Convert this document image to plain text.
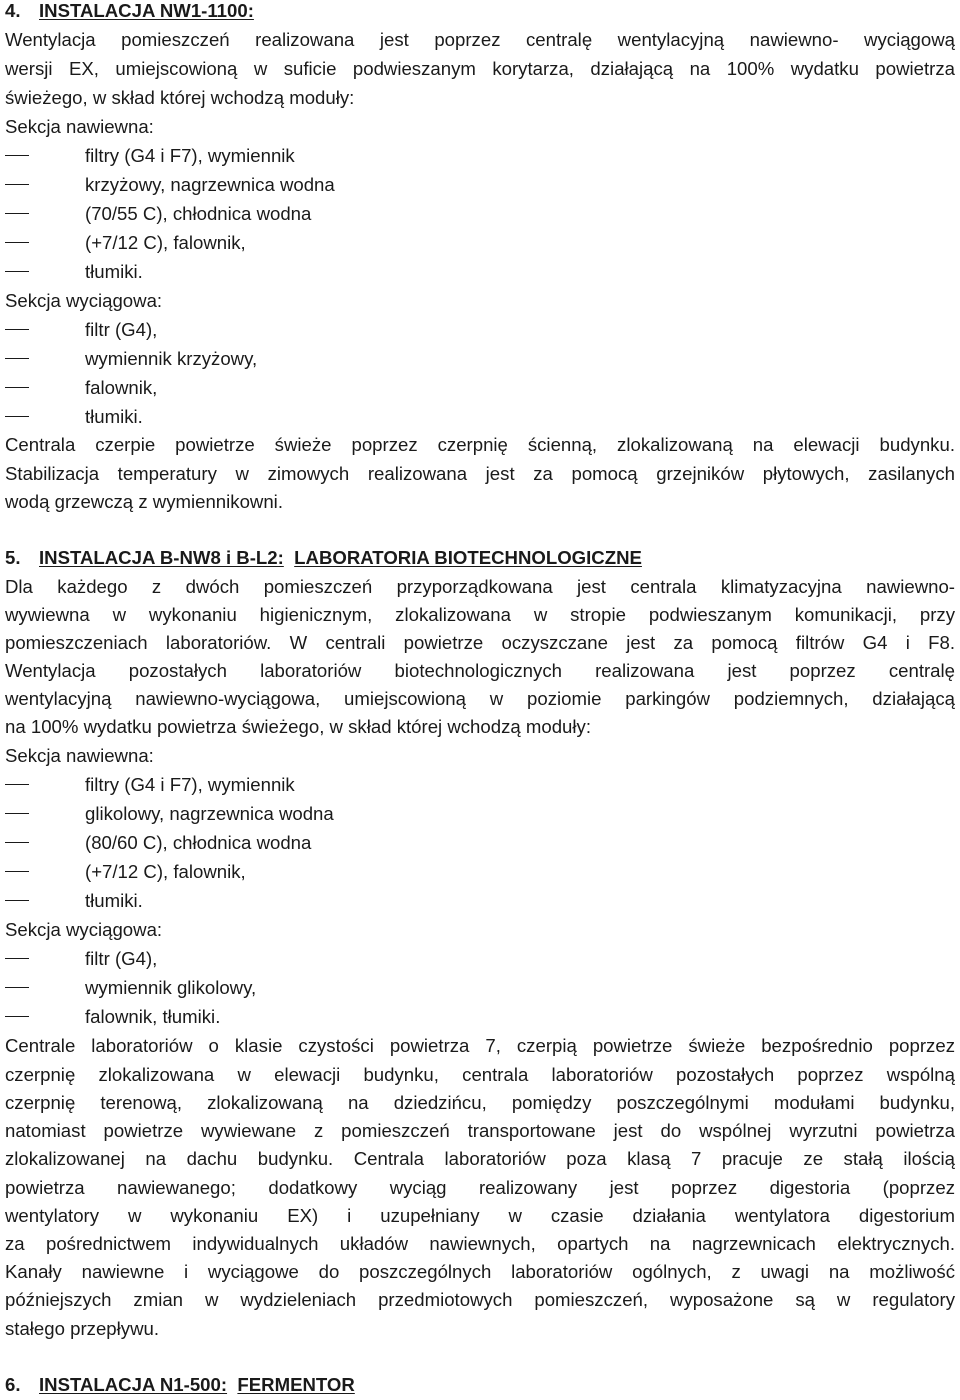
4. INSTALACJA NW1-1100:
Wentylacja pomieszczeń realizowana jest poprzez centralę wentylacyjną nawiewno- wyciągową
wersji EX, umiejscowioną w suficie podwieszanym korytarza, działającą na 100% wydatku powietrza
świeżego, w skład której wchodzą moduły:
Sekcja nawiewna:
filtry (G4 i F7), wymiennik
krzyżowy, nagrzewnica wodna
(70/55 C), chłodnica wodna
(+7/12 C), falownik,
tłumiki.
Sekcja wyciągowa:
filtr (G4),
wymiennik krzyżowy,
falownik,
tłumiki.
Centrala czerpie powietrze świeże poprzez czerpnię ścienną, zlokalizowaną na elewacji budynku.
Stabilizacja temperatury w zimowych realizowana jest za pomocą grzejników płytowych, zasilanych
wodą grzewczą z wymiennikowni.
5. INSTALACJA B-NW8 i B-L2: LABORATORIA BIOTECHNOLOGICZNE
Dla każdego z dwóch pomieszczeń przyporządkowana jest centrala klimatyzacyjna nawiewno-
wywiewna w wykonaniu higienicznym, zlokalizowana w stropie podwieszanym komunikacji, przy
pomieszczeniach laboratoriów. W centrali powietrze oczyszczane jest za pomocą filtrów G4 i F8.
Wentylacja pozostałych laboratoriów biotechnologicznych realizowana jest poprzez centralę
wentylacyjną nawiewno-wyciągowa, umiejscowioną w poziomie parkingów podziemnych, działającą
na 100% wydatku powietrza świeżego, w skład której wchodzą moduły:
Sekcja nawiewna:
filtry (G4 i F7), wymiennik
glikolowy, nagrzewnica wodna
(80/60 C), chłodnica wodna
(+7/12 C), falownik,
tłumiki.
Sekcja wyciągowa:
filtr (G4),
wymiennik glikolowy,
falownik, tłumiki.
Centrale laboratoriów o klasie czystości powietrza 7, czerpią powietrze świeże bezpośrednio poprzez
czerpnię zlokalizowana w elewacji budynku, centrala laboratoriów pozostałych poprzez wspólną
czerpnię terenową, zlokalizowaną na dziedzińcu, pomiędzy poszczególnymi modułami budynku,
natomiast powietrze wywiewane z pomieszczeń transportowane jest do wspólnej wyrzutni powietrza
zlokalizowanej na dachu budynku. Centrala laboratoriów poza klasą 7 pracuje ze stałą ilością
powietrza nawiewanego; dodatkowy wyciąg realizowany jest poprzez digestoria (poprzez
wentylatory w wykonaniu EX) i uzupełniany w czasie działania wentylatora digestorium
za pośrednictwem indywidualnych układów nawiewnych, opartych na nagrzewnicach elektrycznych.
Kanały nawiewne i wyciągowe do poszczególnych laboratoriów ogólnych, z uwagi na możliwość
późniejszych zmian w wydzieleniach przedmiotowych pomieszczeń, wyposażone są w regulatory
stałego przepływu.
6. INSTALACJA N1-500: FERMENTOR
